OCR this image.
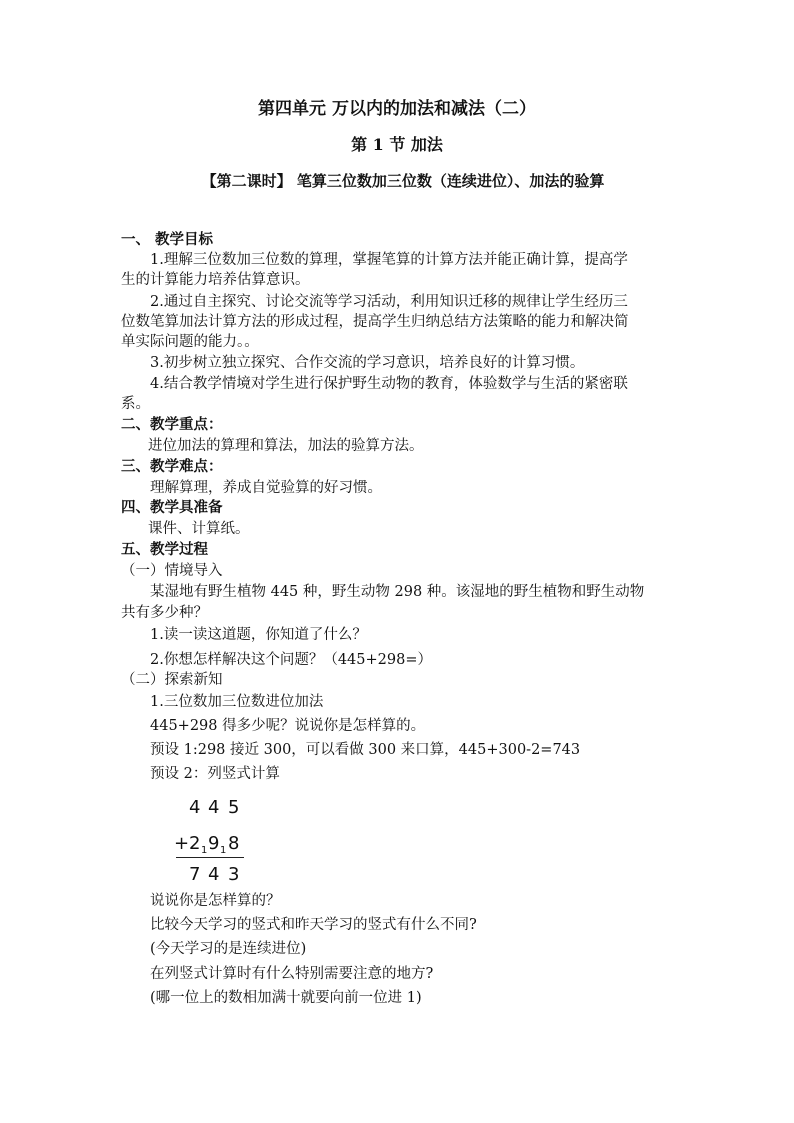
第四单元 万以内的加法和减法（二）
第 1 节 加法
【第二课时】 笔算三位数加三位数（连续进位）、加法的验算
一、 教学目标
1.理解三位数加三位数的算理，掌握笔算的计算方法并能正确计算，提高学
生的计算能力培养估算意识。
2.通过自主探究、讨论交流等学习活动，利用知识迁移的规律让学生经历三
位数笔算加法计算方法的形成过程，提高学生归纳总结方法策略的能力和解决简
单实际问题的能力。。
3.初步树立独立探究、合作交流的学习意识，培养良好的计算习惯。
4.结合教学情境对学生进行保护野生动物的教育，体验数学与生活的紧密联
系。
二、教学重点：
进位加法的算理和算法，加法的验算方法。
三、教学难点：
理解算理，养成自觉验算的好习惯。
四、教学具准备
课件、计算纸。
五、教学过程
（一）情境导入
某湿地有野生植物 445 种，野生动物 298 种。该湿地的野生植物和野生动物
共有多少种？
1.读一读这道题，你知道了什么？
2.你想怎样解决这个问题？（445+298=）
（二）探索新知
1.三位数加三位数进位加法
445+298 得多少呢？说说你是怎样算的。
预设 1:298 接近 300，可以看做 300 来口算，445+300-2=743
预设 2：列竖式计算
4 4 5
+ 2 9 8
1 1
7 4 3
说说你是怎样算的？
比较今天学习的竖式和昨天学习的竖式有什么不同?
(今天学习的是连续进位)
在列竖式计算时有什么特别需要注意的地方?
(哪一位上的数相加满十就要向前一位进 1)
